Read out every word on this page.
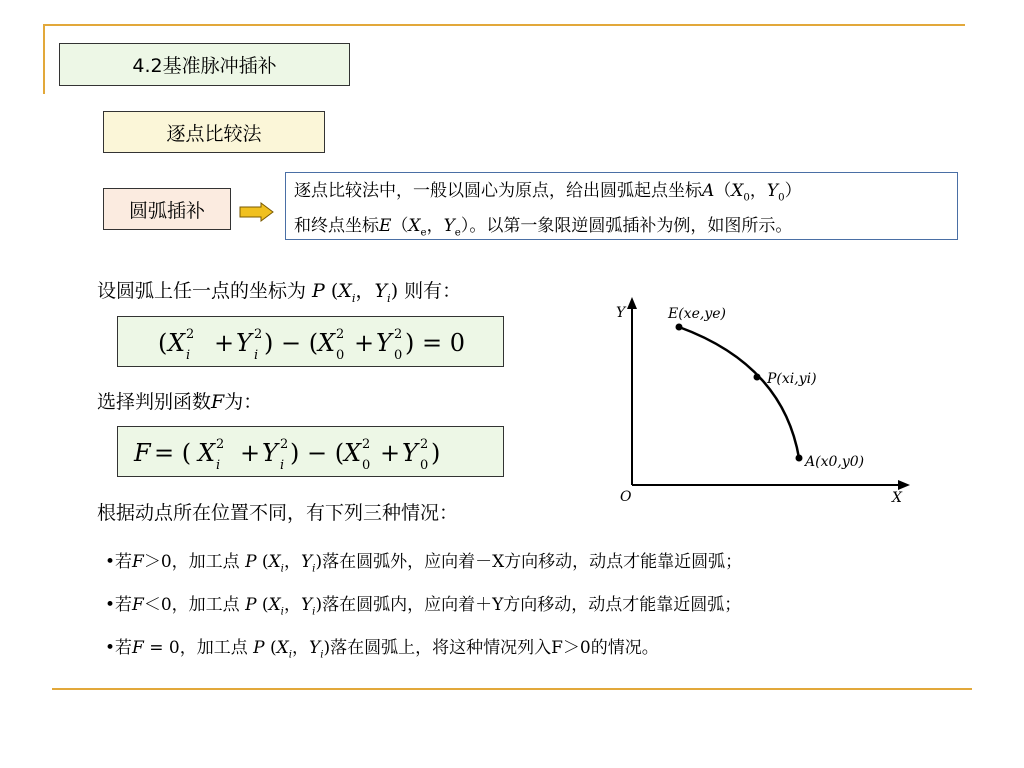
4.2基准脉冲插补
逐点比较法
圆弧插补
逐点比较法中，一般以圆心为原点，给出圆弧起点坐标$A(X_0$，$Y_0$）
和终点坐标$E(X_e$，$Y_e$）。以第一象限逆圆弧插补为例，如图所示。
设圆弧上任一点的坐标为 P ($X_i$，$Y_i$) 则有：
( X 2
i + Y 2
i ) − ( X 2
0 + Y 2
0 ) = 0
选择判别函数F为：
F = ( X 2
i + Y 2
i ) − ( X 2
0 + Y 2
0 )
根据动点所在位置不同，有下列三种情况：
•若F＞0，加工点 P ($X_i$，$Y_i$)落在圆弧外，应向着－X方向移动，动点才能靠近圆弧；
•若F＜0，加工点 P ($X_i$，$Y_i$)落在圆弧内，应向着＋Y方向移动，动点才能靠近圆弧；
•若F = 0，加工点 P ($X_i$，$Y_i$)落在圆弧上，将这种情况列入F＞0的情况。
Y
X
O
E(xe,ye)
P(xi,yi)
A(x0,y0)
